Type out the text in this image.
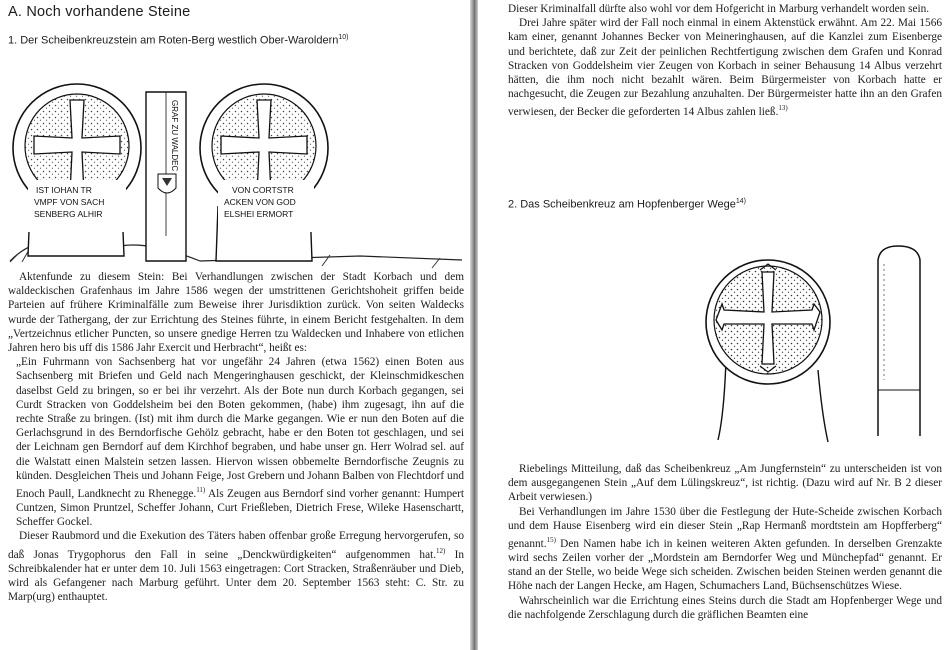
A. Noch vorhandene Steine

1. Der Scheibenkreuzstein am Roten-Berg westlich Ober-Waroldern$^{10)}$

IST IOHAN TR
VMPF VON SACH
SENBERG ALHIR
GRAF ZU WALDEC
VON CORTSTR
ACKEN VON GOD
ELSHEI ERMORT

Aktenfunde zu diesem Stein: Bei Verhandlungen zwischen der Stadt Korbach und dem waldeckischen Grafenhaus im Jahre 1586 wegen der umstrittenen Gerichtshoheit griffen beide Parteien auf frühere Kriminalfälle zum Beweise ihrer Jurisdiktion zurück. Von seiten Waldecks wurde der Tathergang, der zur Errichtung des Steines führte, in einem Bericht festgehalten. In dem „Vertzeichnus etlicher Puncten, so unsere gnedige Herren tzu Waldecken und Inhabere von etlichen Jahren hero bis uff dis 1586 Jahr Exercit und Herbracht“, heißt es:

„Ein Fuhrmann von Sachsenberg hat vor ungefähr 24 Jahren (etwa 1562) einen Boten aus Sachsenberg mit Briefen und Geld nach Mengeringhausen geschickt, der Kleinschmidkeschen daselbst Geld zu bringen, so er bei ihr verzehrt. Als der Bote nun durch Korbach gegangen, sei Curdt Stracken von Goddelsheim bei den Boten gekommen, (habe) ihm zugesagt, ihn auf die rechte Straße zu bringen. (Ist) mit ihm durch die Marke gegangen. Wie er nun den Boten auf die Gerlachsgrund in des Berndorfische Gehölz gebracht, habe er den Boten tot geschlagen, und sei der Leichnam gen Berndorf auf dem Kirchhof begraben, und habe unser gn. Herr Wolrad sel. auf die Walstatt einen Malstein setzen lassen. Hiervon wissen obbemelte Berndorfische Zeugnis zu künden. Desgleichen Theis und Johann Feige, Jost Grebern und Johann Balben von Flechtdorf und Enoch Paull, Landknecht zu Rhenegge.$^{11)}$ Als Zeugen aus Berndorf sind vorher genannt: Humpert Cuntzen, Simon Pruntzel, Scheffer Johann, Curt Frießleben, Dietrich Frese, Wileke Hasenschartt, Scheffer Gockel.

Dieser Raubmord und die Exekution des Täters haben offenbar große Erregung hervorgerufen, so daß Jonas Trygophorus den Fall in seine „Denckwürdigkeiten“ aufgenommen hat.$^{12)}$ In Schreibkalender hat er unter dem 10. Juli 1563 eingetragen: Cort Stracken, Straßenräuber und Dieb, wird als Gefangener nach Marburg geführt. Unter dem 20. September 1563 steht: C. Str. zu Marp(urg) enthauptet.

Dieser Kriminalfall dürfte also wohl vor dem Hofgericht in Marburg verhandelt worden sein.

Drei Jahre später wird der Fall noch einmal in einem Aktenstück erwähnt. Am 22. Mai 1566 kam einer, genannt Johannes Becker von Meineringhausen, auf die Kanzlei zum Eisenberge und berichtete, daß zur Zeit der peinlichen Rechtfertigung zwischen dem Grafen und Konrad Stracken von Goddelsheim vier Zeugen von Korbach in seiner Behausung 14 Albus verzehrt hätten, die ihm noch nicht bezahlt wären. Beim Bürgermeister von Korbach hatte er nachgesucht, die Zeugen zur Bezahlung anzuhalten. Der Bürgermeister hatte ihn an den Grafen verwiesen, der Becker die geforderten 14 Albus zahlen ließ.$^{13)}$

2. Das Scheibenkreuz am Hopfenberger Wege$^{14)}$

Riebelings Mitteilung, daß das Scheibenkreuz „Am Jungfernstein“ zu unterscheiden ist von dem ausgegangenen Stein „Auf dem Lülingskreuz“, ist richtig. (Dazu wird auf Nr. B 2 dieser Arbeit verwiesen.)

Bei Verhandlungen im Jahre 1530 über die Festlegung der Hute-Scheide zwischen Korbach und dem Hause Eisenberg wird ein dieser Stein „Rap Hermanß mordtstein am Hopfferberg“ genannt.$^{15)}$ Den Namen habe ich in keinen weiteren Akten gefunden. In derselben Grenzakte wird sechs Zeilen vorher der „Mordstein am Berndorfer Weg und Münchepfad“ genannt. Er stand an der Stelle, wo beide Wege sich scheiden. Zwischen beiden Steinen werden genannt die Höhe nach der Langen Hecke, am Hagen, Schumachers Land, Büchsenschützes Wiese.

Wahrscheinlich war die Errichtung eines Steins durch die Stadt am Hopfenberger Wege und die nachfolgende Zerschlagung durch die gräflichen Beamten eine
